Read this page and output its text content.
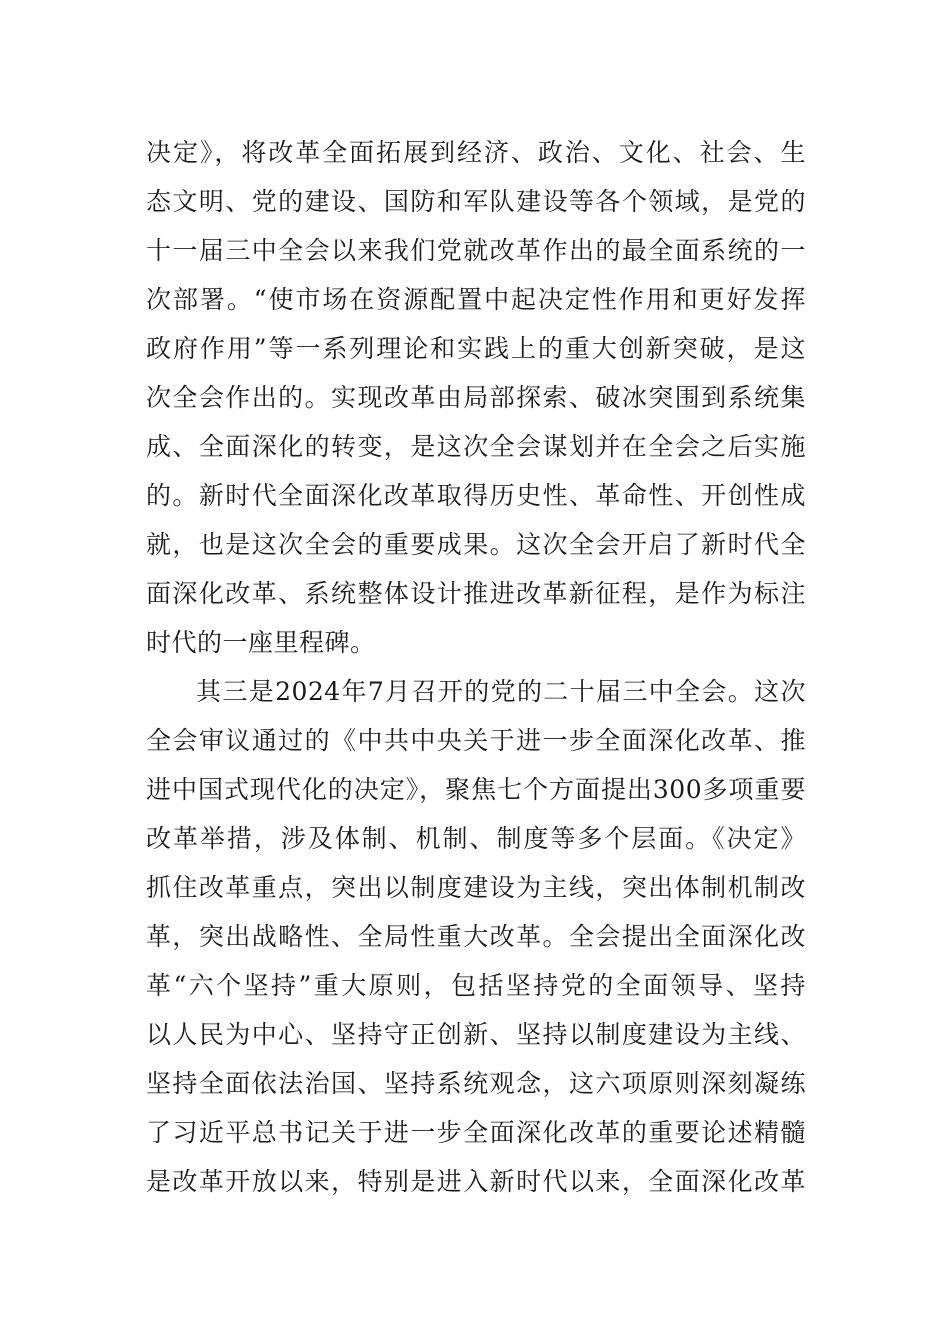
决定》，将改革全面拓展到经济、政治、文化、社会、生
态文明、党的建设、国防和军队建设等各个领域，是党的
十一届三中全会以来我们党就改革作出的最全面系统的一
次部署。“使市场在资源配置中起决定性作用和更好发挥
政府作用”等一系列理论和实践上的重大创新突破，是这
次全会作出的。实现改革由局部探索、破冰突围到系统集
成、全面深化的转变，是这次全会谋划并在全会之后实施
的。新时代全面深化改革取得历史性、革命性、开创性成
就，也是这次全会的重要成果。这次全会开启了新时代全
面深化改革、系统整体设计推进改革新征程，是作为标注
时代的一座里程碑。
其三是2024年7月召开的党的二十届三中全会。这次
全会审议通过的《中共中央关于进一步全面深化改革、推
进中国式现代化的决定》，聚焦七个方面提出300多项重要
改革举措，涉及体制、机制、制度等多个层面。《决定》
抓住改革重点，突出以制度建设为主线，突出体制机制改
革，突出战略性、全局性重大改革。全会提出全面深化改
革“六个坚持”重大原则，包括坚持党的全面领导、坚持
以人民为中心、坚持守正创新、坚持以制度建设为主线、
坚持全面依法治国、坚持系统观念，这六项原则深刻凝练
了习近平总书记关于进一步全面深化改革的重要论述精髓
是改革开放以来，特别是进入新时代以来，全面深化改革
